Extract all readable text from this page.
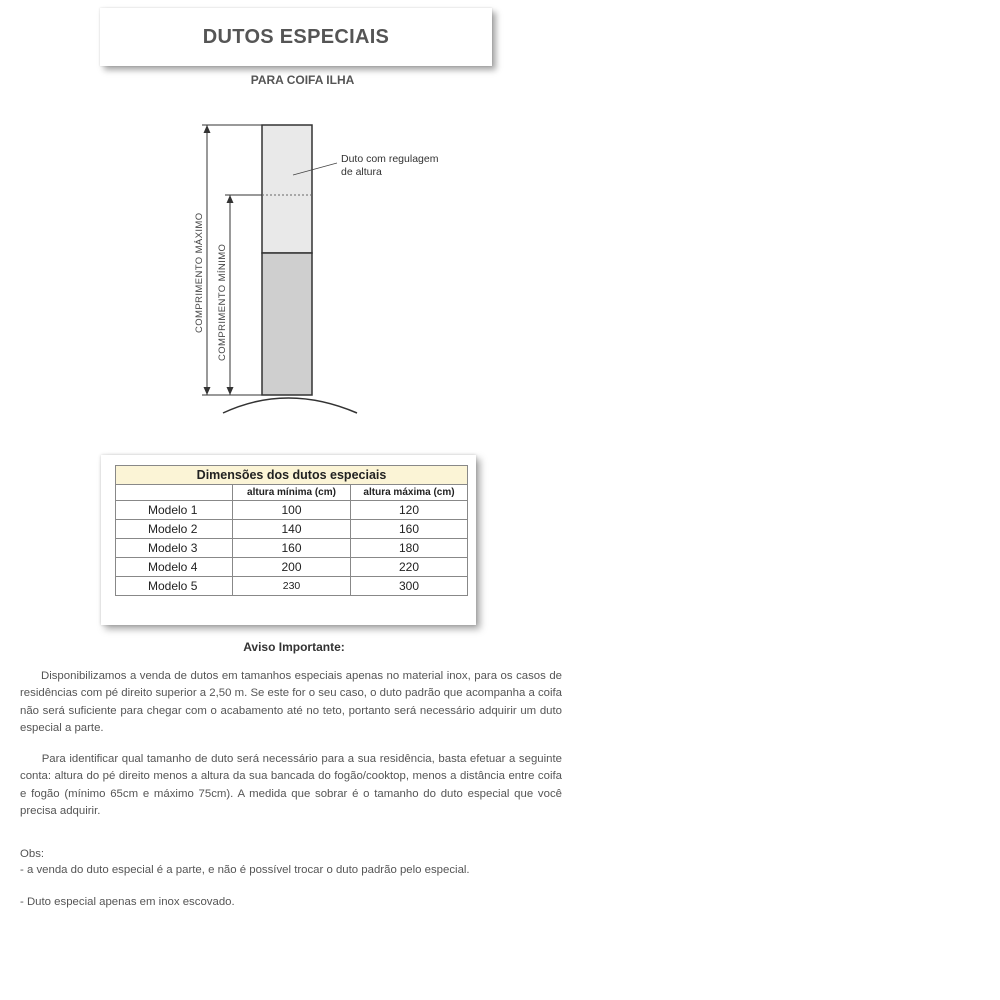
DUTOS ESPECIAIS
PARA COIFA ILHA
COMPRIMENTO MÁXIMO COMPRIMENTO MÍNIMO
Duto com regulagem
de altura
Dimensões dos dutos especiais		
	altura mínima (cm)	altura máxima (cm)
Modelo 1	100	120
Modelo 2	140	160
Modelo 3	160	180
Modelo 4	200	220
Modelo 5	230	300
Aviso Importante:

Disponibilizamos a venda de dutos em tamanhos especiais apenas no material inox, para os casos de residências com pé direito superior a 2,50 m. Se este for o seu caso, o duto padrão que acompanha a coifa não será suficiente para chegar com o acabamento até no teto, portanto será necessário adquirir um duto especial a parte.

Para identificar qual tamanho de duto será necessário para a sua residência, basta efetuar a seguinte conta: altura do pé direito menos a altura da sua bancada do fogão/cooktop, menos a distância entre coifa e fogão (mínimo 65cm e máximo 75cm). A medida que sobrar é o tamanho do duto especial que você precisa adquirir.

Obs:

- a venda do duto especial é a parte, e não é possível trocar o duto padrão pelo especial.

- Duto especial apenas em inox escovado.
